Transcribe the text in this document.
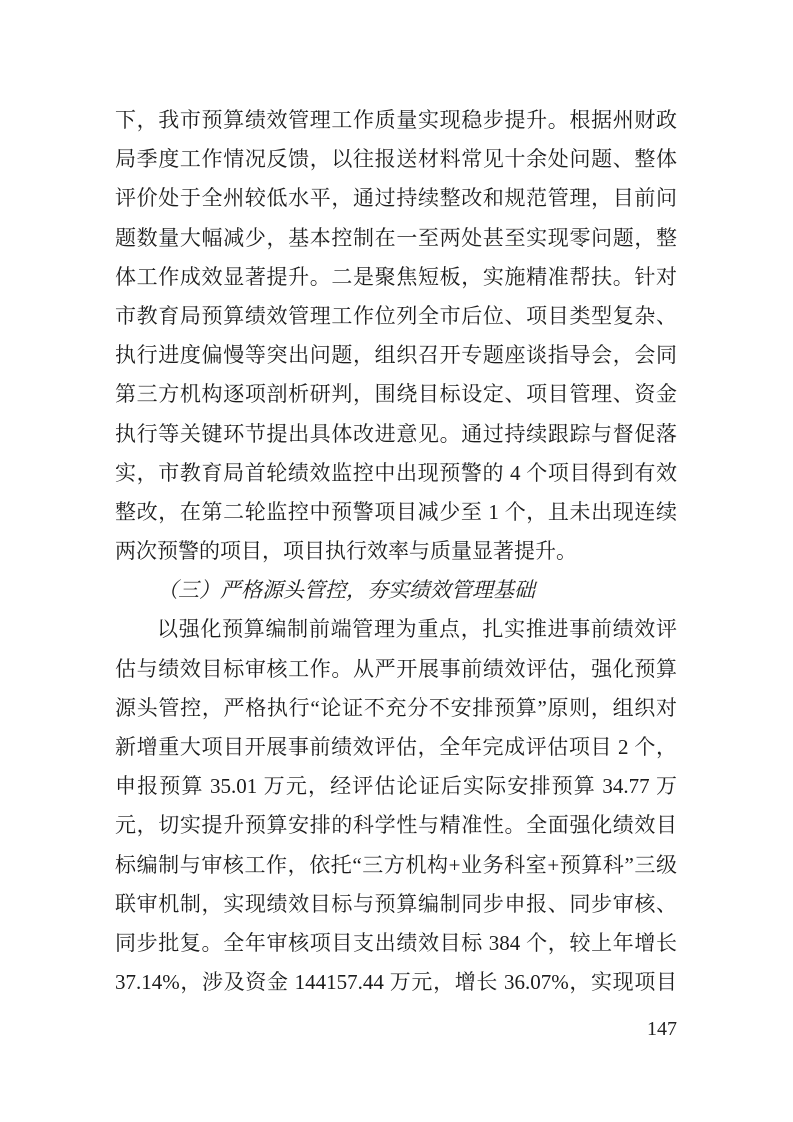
下，我市预算绩效管理工作质量实现稳步提升。根据州财政
局季度工作情况反馈，以往报送材料常见十余处问题、整体
评价处于全州较低水平，通过持续整改和规范管理，目前问
题数量大幅减少，基本控制在一至两处甚至实现零问题，整
体工作成效显著提升。二是聚焦短板，实施精准帮扶。针对
市教育局预算绩效管理工作位列全市后位、项目类型复杂、
执行进度偏慢等突出问题，组织召开专题座谈指导会，会同
第三方机构逐项剖析研判，围绕目标设定、项目管理、资金
执行等关键环节提出具体改进意见。通过持续跟踪与督促落
实，市教育局首轮绩效监控中出现预警的 4 个项目得到有效
整改，在第二轮监控中预警项目减少至 1 个，且未出现连续
两次预警的项目，项目执行效率与质量显著提升。
（三）严格源头管控，夯实绩效管理基础
以强化预算编制前端管理为重点，扎实推进事前绩效评
估与绩效目标审核工作。从严开展事前绩效评估，强化预算
源头管控，严格执行“论证不充分不安排预算”原则，组织对
新增重大项目开展事前绩效评估，全年完成评估项目 2 个，
申报预算 35.01 万元，经评估论证后实际安排预算 34.77 万
元，切实提升预算安排的科学性与精准性。全面强化绩效目
标编制与审核工作，依托“三方机构+业务科室+预算科”三级
联审机制，实现绩效目标与预算编制同步申报、同步审核、
同步批复。全年审核项目支出绩效目标 384 个，较上年增长
37.14%，涉及资金 144157.44 万元，增长 36.07%，实现项目
147
